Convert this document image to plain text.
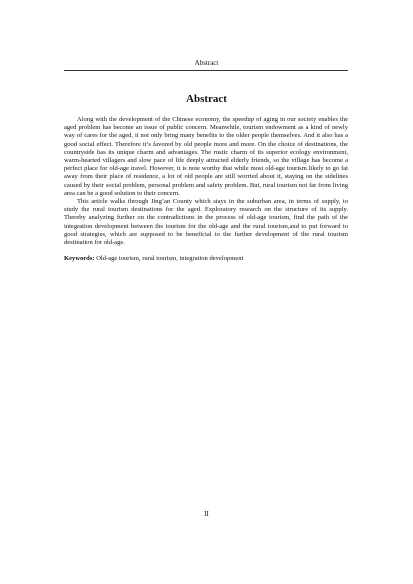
Abstract
Abstract

Along with the development of the Chinese economy, the speedup of aging in our society enables the aged problem has become an issue of public concern. Meanwhile, tourism endowment as a kind of newly way of cares for the aged, it not only bring many benefits to the older people themselves. And it also has a good social effect. Therefore it’s favored by old people more and more. On the choice of destinations, the countryside has its unique charm and advantages. The rustic charm of its superior ecology environment, warm-hearted villagers and slow pace of life deeply attracted elderly friends, so the village has become a perfect place for old-age travel. However, it is note worthy that while most old-age tourism likely to go fat away from their place of residence, a lot of old people are still worried about it, staying on the sidelines caused by their social problem, personal problem and safety problem. But, rural tourism not far from living area can be a good solution to their concern.

This article walks through Jing’an County which stays in the suburban area, in terms of supply, to study the rural tourism destinations for the aged. Exploratory research on the structure of its supply. Thereby analyzing further on the contradictions in the process of old-age tourism, find the path of the integration development between the tourism for the old-age and the rural tourism,and to put forward to good strategies, which are supposed to be beneficial to the further development of the rural tourism destination for old-age.

Keywords: Old-age tourism, rural tourism, integration development

II
